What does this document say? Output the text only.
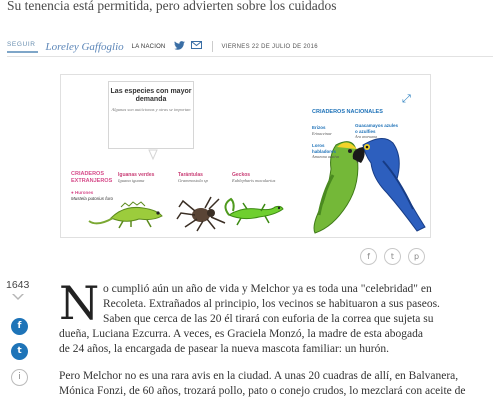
Su tenencia está permitida, pero advierten sobre los cuidados
SEGUIR Loreley Gaffoglio LA NACION	VIERNES 22 DE JULIO DE 2016
Las especies con mayor demanda
Algunas son autóctonas y otras se importan
CRIADEROS EXTRANJEROS
● Hurones
Mustela putorius furo
Iguanas verdes
Iguana iguana
Tarántulas
Grammostola sp
Geckos
Eublepharis macularius
CRIADEROS NACIONALES
Erizos
Erinaceinae
Guacamayos azules o azulfies
Ara araruana
Loros habladores
Amazona aestiva
⤢
f	t	p
1643
f
t
i
N o cumplió aún un año de vida y Melchor ya es toda una "celebridad" en
Recoleta. Extrañados al principio, los vecinos se habituaron a sus paseos.
Saben que cerca de las 20 él tirará con euforia de la correa que sujeta su
dueña, Luciana Ezcurra. A veces, es Graciela Monzó, la madre de esta abogada
de 24 años, la encargada de pasear la nueva mascota familiar: un hurón.
Pero Melchor no es una rara avis en la ciudad. A unas 20 cuadras de allí, en Balvanera,
Mónica Fonzi, de 60 años, trozará pollo, pato o conejo crudos, lo mezclará con aceite de
